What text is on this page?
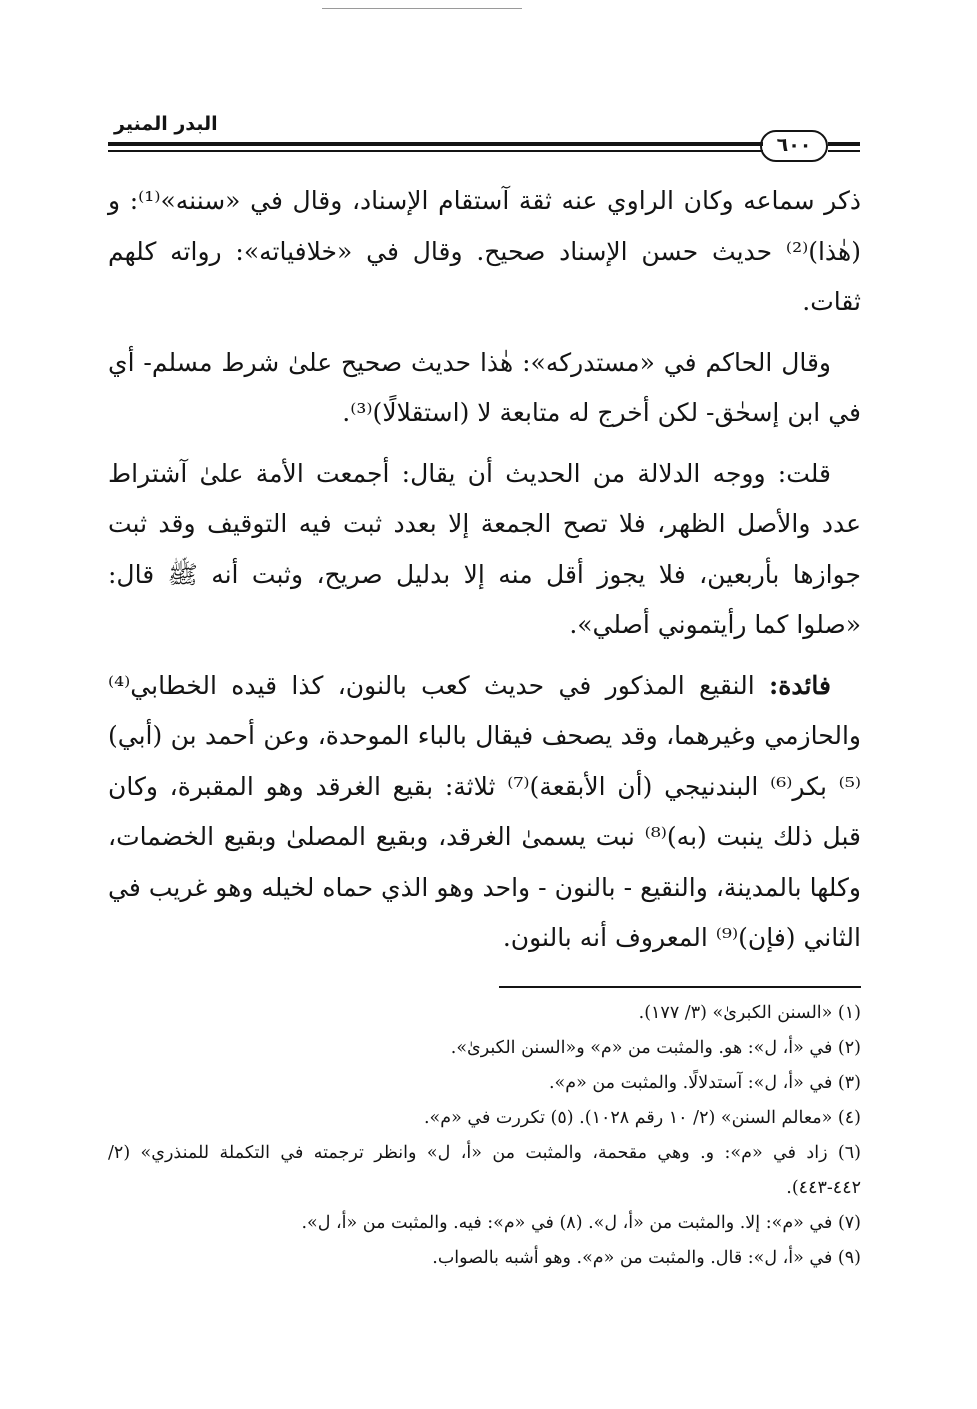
البدر المنير
٦٠٠

ذكر سماعه وكان الراوي عنه ثقة آستقام الإسناد، وقال في «سننه»⁽¹⁾: و (هٰذا)⁽²⁾ حديث حسن الإسناد صحيح. وقال في «خلافياته»: رواته كلهم ثقات.

وقال الحاكم في «مستدركه»: هٰذا حديث صحيح علىٰ شرط مسلم- أي في ابن إسحٰق- لكن أخرج له متابعة لا (استقلالًا)⁽³⁾.

قلت: ووجه الدلالة من الحديث أن يقال: أجمعت الأمة علىٰ آشتراط عدد والأصل الظهر، فلا تصح الجمعة إلا بعدد ثبت فيه التوقيف وقد ثبت جوازها بأربعين، فلا يجوز أقل منه إلا بدليل صريح، وثبت أنه ﷺ قال: «صلوا كما رأيتموني أصلي».

فائدة: النقيع المذكور في حديث كعب بالنون، كذا قيده الخطابي⁽⁴⁾ والحازمي وغيرهما، وقد يصحف فيقال بالباء الموحدة، وعن أحمد بن (أبي)⁽⁵⁾ بكر⁽⁶⁾ البندنيجي (أن الأبقعة)⁽⁷⁾ ثلاثة: بقيع الغرقد وهو المقبرة، وكان قبل ذلك ينبت (به)⁽⁸⁾ نبت يسمىٰ الغرقد، وبقيع المصلىٰ وبقيع الخضمات، وكلها بالمدينة، والنقيع - بالنون - واحد وهو الذي حماه لخيله وهو غريب في الثاني (فإن)⁽⁹⁾ المعروف أنه بالنون.

(١) «السنن الكبرىٰ» (٣/ ١٧٧).

(٢) في «أ، ل»: هو. والمثبت من «م» و«السنن الكبرىٰ».

(٣) في «أ، ل»: آستدلالًا. والمثبت من «م».

(٤) «معالم السنن» (٢/ ١٠ رقم ١٠٢٨). (٥) تكررت في «م».

(٦) زاد في «م»: و. وهي مقحمة، والمثبت من «أ، ل» وانظر ترجمته في التكملة للمنذري» (٢/ ٤٤٢-٤٤٣).

(٧) في «م»: إلا. والمثبت من «أ، ل». (٨) في «م»: فيه. والمثبت من «أ، ل».

(٩) في «أ، ل»: قال. والمثبت من «م». وهو أشبه بالصواب.
